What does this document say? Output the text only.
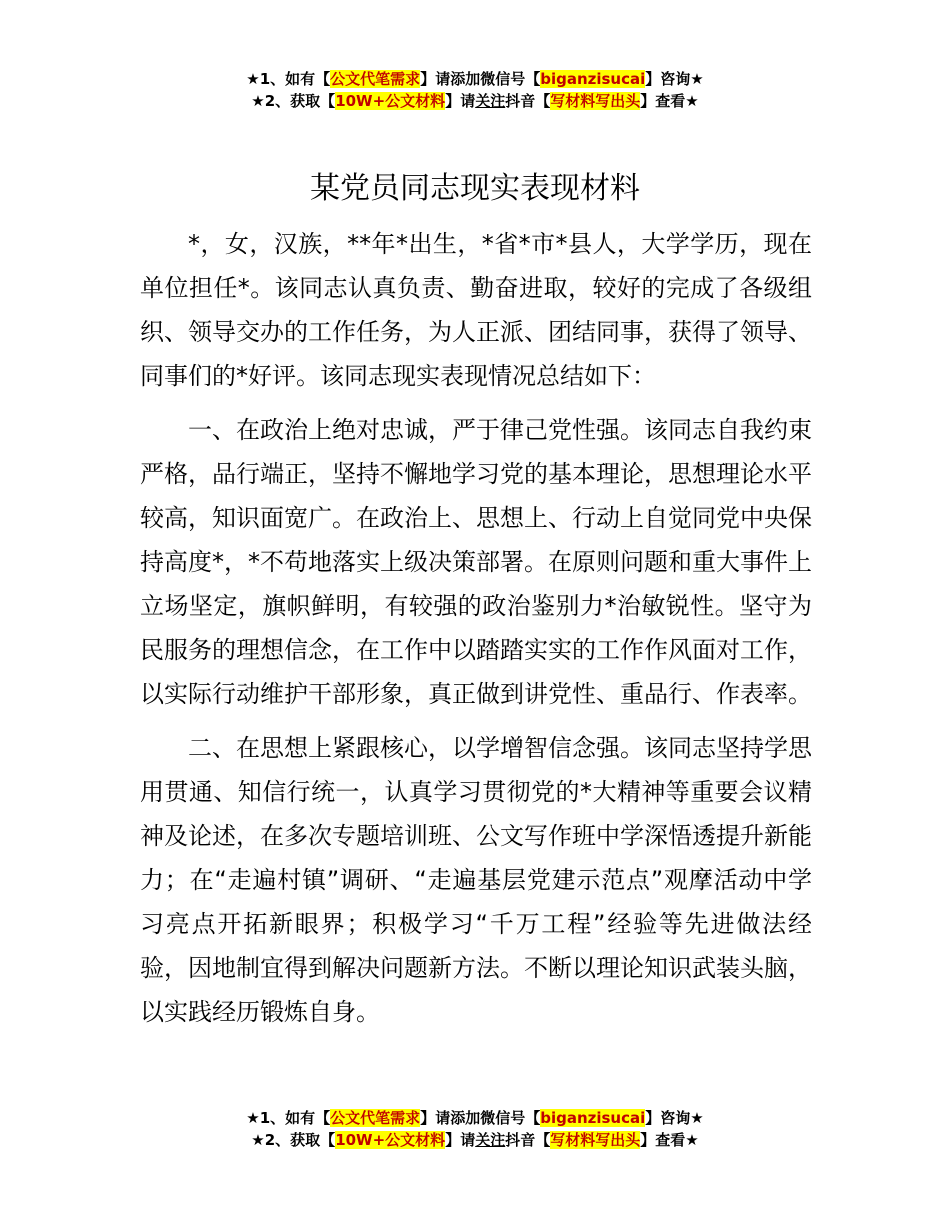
★1、如有【公文代笔需求】请添加微信号【biganzisucai】咨询★
★2、获取【10W+公文材料】请关注抖音【写材料写出头】查看★
某党员同志现实表现材料

*，女，汉族，**年*出生，*省*市*县人，大学学历，现在单位担任*。该同志认真负责、勤奋进取，较好的完成了各级组织、领导交办的工作任务，为人正派、团结同事，获得了领导、同事们的*好评。该同志现实表现情况总结如下：

一、在政治上绝对忠诚，严于律己党性强。该同志自我约束严格，品行端正，坚持不懈地学习党的基本理论，思想理论水平较高，知识面宽广。在政治上、思想上、行动上自觉同党中央保持高度*，*不苟地落实上级决策部署。在原则问题和重大事件上立场坚定，旗帜鲜明，有较强的政治鉴别力*治敏锐性。坚守为民服务的理想信念，在工作中以踏踏实实的工作作风面对工作，以实际行动维护干部形象，真正做到讲党性、重品行、作表率。

二、在思想上紧跟核心，以学增智信念强。该同志坚持学思用贯通、知信行统一，认真学习贯彻党的*大精神等重要会议精神及论述，在多次专题培训班、公文写作班中学深悟透提升新能力；在“走遍村镇”调研、“走遍基层党建示范点”观摩活动中学习亮点开拓新眼界；积极学习“千万工程”经验等先进做法经验，因地制宜得到解决问题新方法。不断以理论知识武装头脑，以实践经历锻炼自身。

★1、如有【公文代笔需求】请添加微信号【biganzisucai】咨询★
★2、获取【10W+公文材料】请关注抖音【写材料写出头】查看★
